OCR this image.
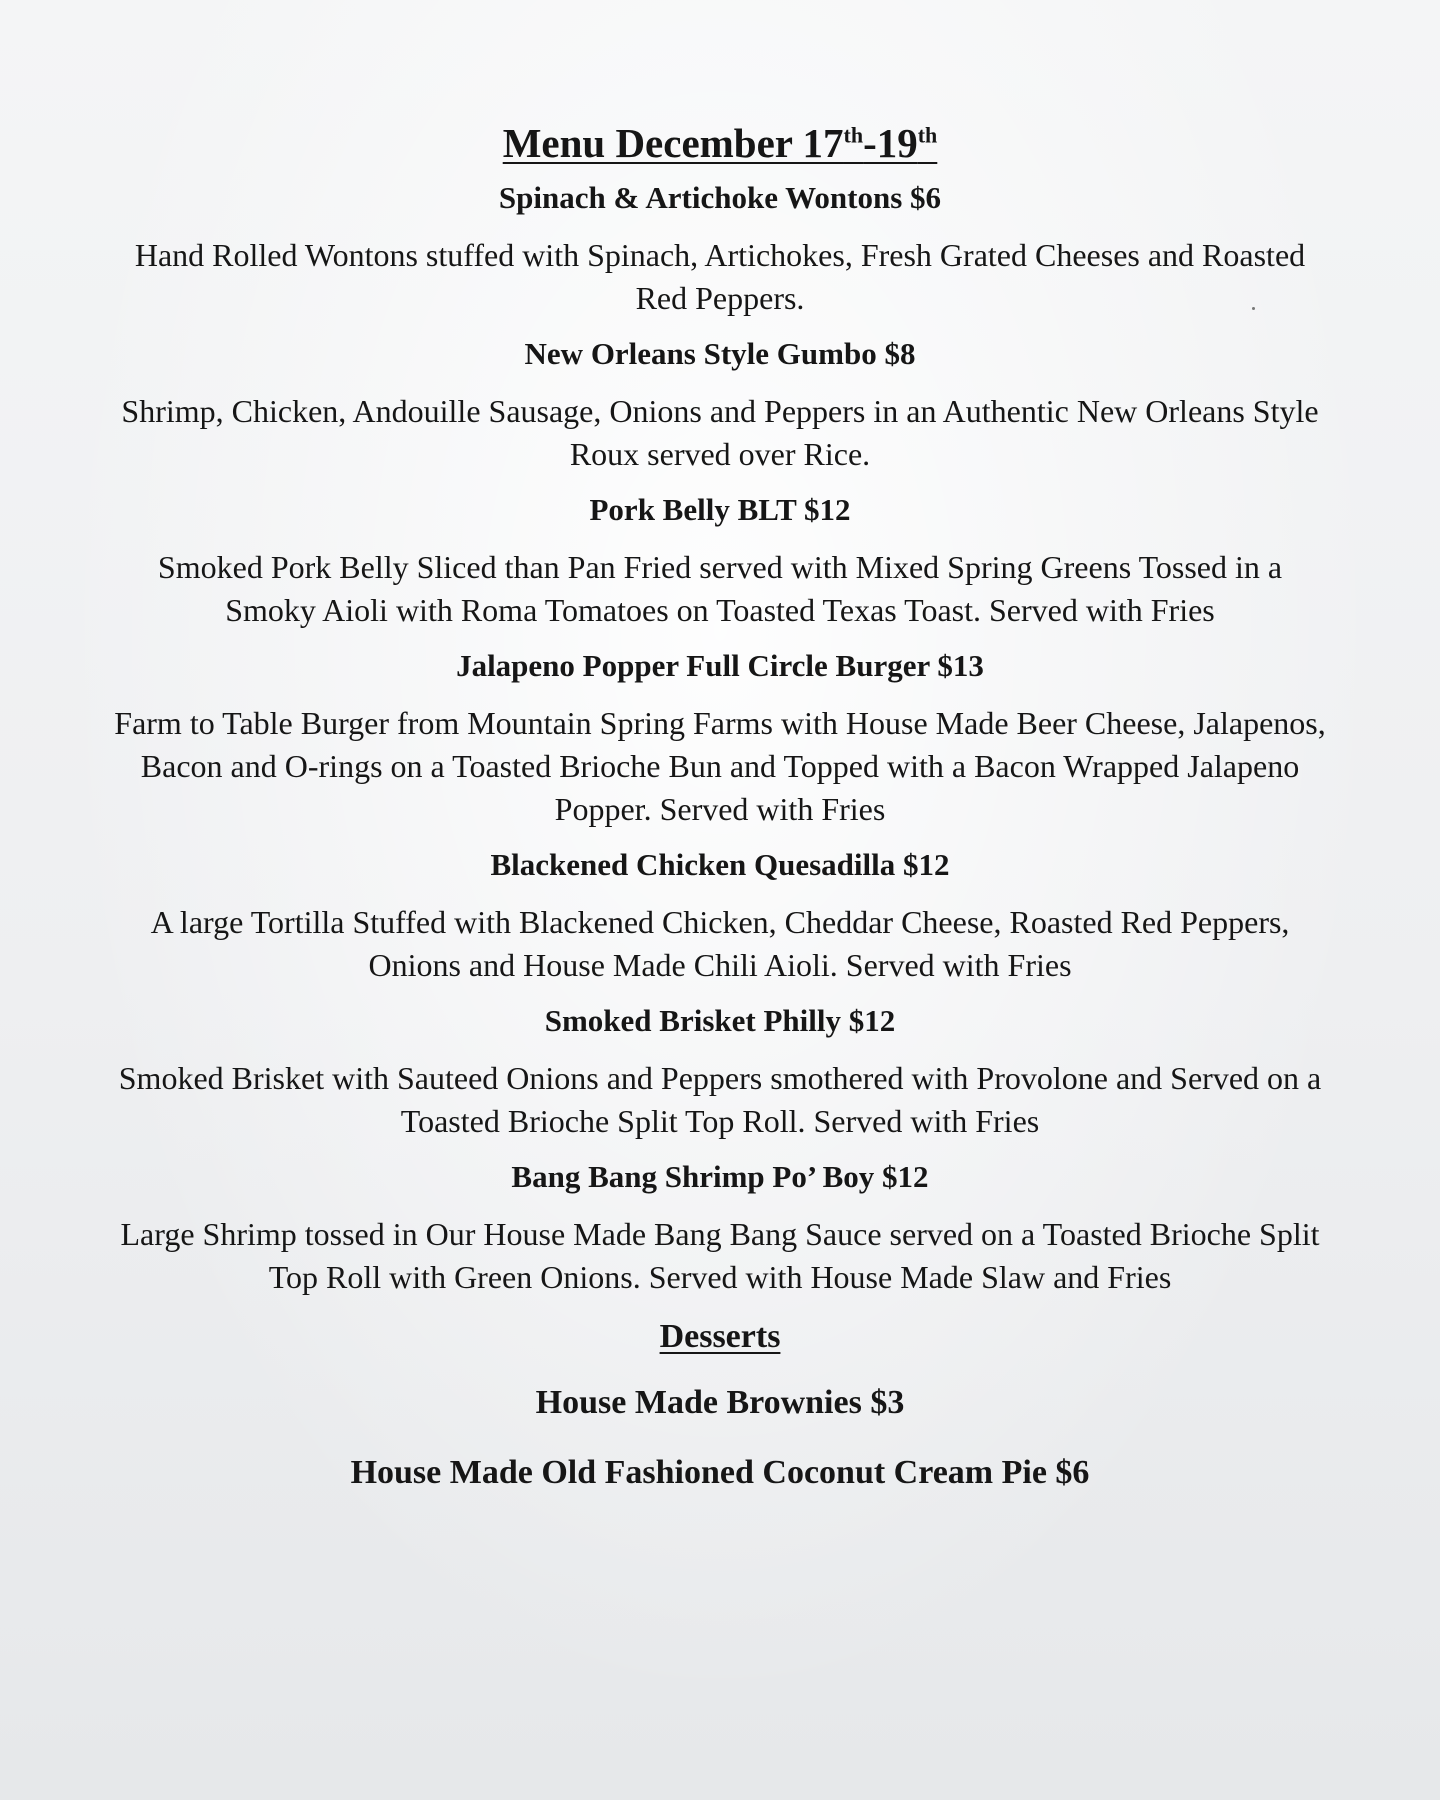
Menu December 17th-19th

Spinach & Artichoke Wontons $6

Hand Rolled Wontons stuffed with Spinach, Artichokes, Fresh Grated Cheeses and Roasted Red Peppers.

New Orleans Style Gumbo $8

Shrimp, Chicken, Andouille Sausage, Onions and Peppers in an Authentic New Orleans Style Roux served over Rice.

Pork Belly BLT $12

Smoked Pork Belly Sliced than Pan Fried served with Mixed Spring Greens Tossed in a Smoky Aioli with Roma Tomatoes on Toasted Texas Toast. Served with Fries

Jalapeno Popper Full Circle Burger $13

Farm to Table Burger from Mountain Spring Farms with House Made Beer Cheese, Jalapenos, Bacon and O-rings on a Toasted Brioche Bun and Topped with a Bacon Wrapped Jalapeno Popper. Served with Fries

Blackened Chicken Quesadilla $12

A large Tortilla Stuffed with Blackened Chicken, Cheddar Cheese, Roasted Red Peppers, Onions and House Made Chili Aioli. Served with Fries

Smoked Brisket Philly $12

Smoked Brisket with Sauteed Onions and Peppers smothered with Provolone and Served on a Toasted Brioche Split Top Roll. Served with Fries

Bang Bang Shrimp Po’ Boy $12

Large Shrimp tossed in Our House Made Bang Bang Sauce served on a Toasted Brioche Split Top Roll with Green Onions. Served with House Made Slaw and Fries

Desserts

House Made Brownies $3

House Made Old Fashioned Coconut Cream Pie $6
